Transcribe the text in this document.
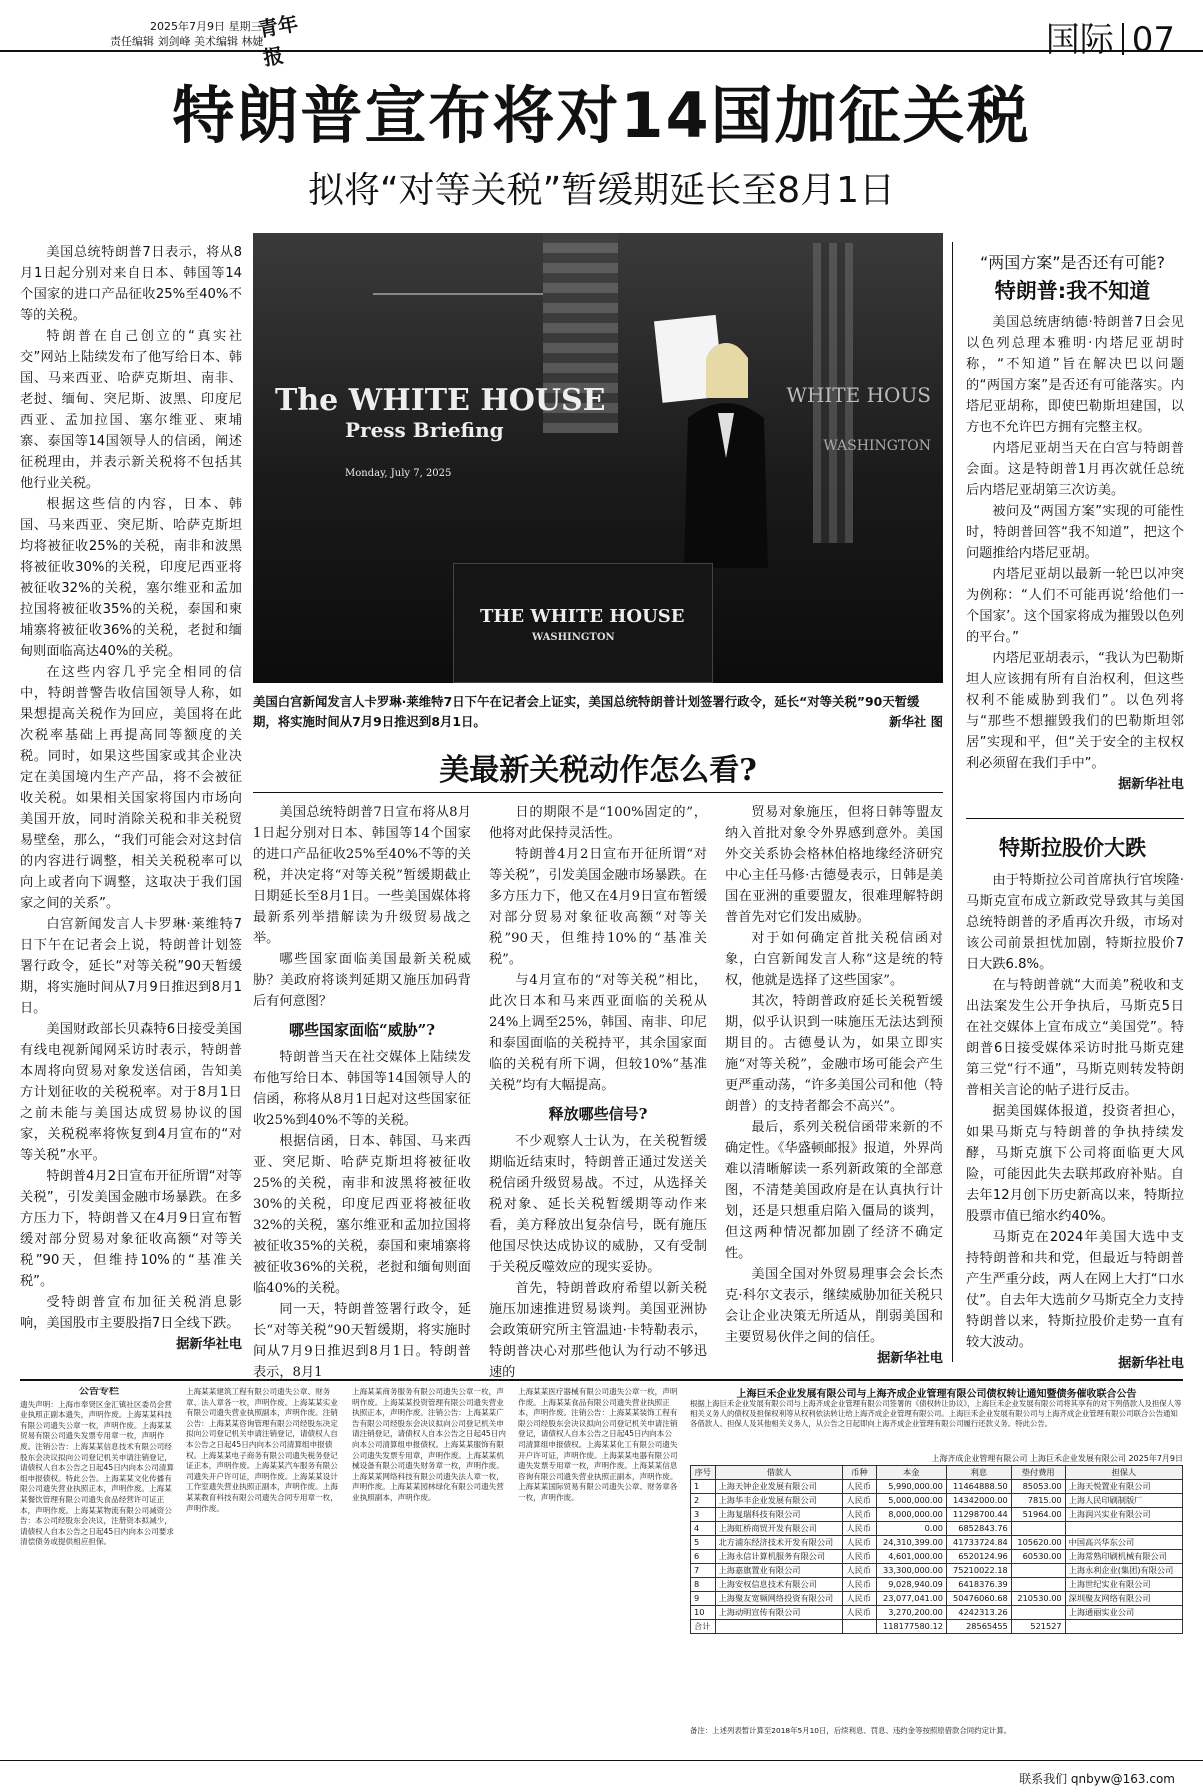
2025年7月9日 星期三
责任编辑 刘剑峰 美术编辑 林婕
青年报	国际 07
特朗普宣布将对14国加征关税
拟将“对等关税”暂缓期延长至8月1日

美国总统特朗普7日表示，将从8月1日起分别对来自日本、韩国等14个国家的进口产品征收25%至40%不等的关税。

特朗普在自己创立的“真实社交”网站上陆续发布了他写给日本、韩国、马来西亚、哈萨克斯坦、南非、老挝、缅甸、突尼斯、波黑、印度尼西亚、孟加拉国、塞尔维亚、柬埔寨、泰国等14国领导人的信函，阐述征税理由，并表示新关税将不包括其他行业关税。

根据这些信的内容，日本、韩国、马来西亚、突尼斯、哈萨克斯坦均将被征收25%的关税，南非和波黑将被征收30%的关税，印度尼西亚将被征收32%的关税，塞尔维亚和孟加拉国将被征收35%的关税，泰国和柬埔寨将被征收36%的关税，老挝和缅甸则面临高达40%的关税。

在这些内容几乎完全相同的信中，特朗普警告收信国领导人称，如果想提高关税作为回应，美国将在此次税率基础上再提高同等额度的关税。同时，如果这些国家或其企业决定在美国境内生产产品，将不会被征收关税。如果相关国家将国内市场向美国开放，同时消除关税和非关税贸易壁垒，那么，“我们可能会对这封信的内容进行调整，相关关税税率可以向上或者向下调整，这取决于我们国家之间的关系”。

白宫新闻发言人卡罗琳·莱维特7日下午在记者会上说，特朗普计划签署行政令，延长“对等关税”90天暂缓期，将实施时间从7月9日推迟到8月1日。

美国财政部长贝森特6日接受美国有线电视新闻网采访时表示，特朗普本周将向贸易对象发送信函，告知美方计划征收的关税税率。对于8月1日之前未能与美国达成贸易协议的国家，关税税率将恢复到4月宣布的“对等关税”水平。

特朗普4月2日宣布开征所谓“对等关税”，引发美国金融市场暴跌。在多方压力下，特朗普又在4月9日宣布暂缓对部分贸易对象征收高额“对等关税”90天，但维持10%的“基准关税”。

受特朗普宣布加征关税消息影响，美国股市主要股指7日全线下跌。

据新华社电

The WHITE HOUSE
Press Briefing
Monday, July 7, 2025
WHITE HOUS
WASHINGTON
THE WHITE HOUSE
WASHINGTON
美国白宫新闻发言人卡罗琳·莱维特7日下午在记者会上证实，美国总统特朗普计划签署行政令，延长“对等关税”90天暂缓期，将实施时间从7月9日推迟到8月1日。	新华社 图
美最新关税动作怎么看?

美国总统特朗普7日宣布将从8月1日起分别对日本、韩国等14个国家的进口产品征收25%至40%不等的关税，并决定将“对等关税”暂缓期截止日期延长至8月1日。一些美国媒体将最新系列举措解读为升级贸易战之举。

哪些国家面临美国最新关税威胁？美政府将谈判延期又施压加码背后有何意图？

哪些国家面临“威胁”?

特朗普当天在社交媒体上陆续发布他写给日本、韩国等14国领导人的信函，称将从8月1日起对这些国家征收25%到40%不等的关税。

根据信函，日本、韩国、马来西亚、突尼斯、哈萨克斯坦将被征收25%的关税，南非和波黑将被征收30%的关税，印度尼西亚将被征收32%的关税，塞尔维亚和孟加拉国将被征收35%的关税，泰国和柬埔寨将被征收36%的关税，老挝和缅甸则面临40%的关税。

同一天，特朗普签署行政令，延长“对等关税”90天暂缓期，将实施时间从7月9日推迟到8月1日。特朗普表示，8月1

日的期限不是“100%固定的”，他将对此保持灵活性。

特朗普4月2日宣布开征所谓“对等关税”，引发美国金融市场暴跌。在多方压力下，他又在4月9日宣布暂缓对部分贸易对象征收高额“对等关税”90天，但维持10%的“基准关税”。

与4月宣布的“对等关税”相比，此次日本和马来西亚面临的关税从24%上调至25%，韩国、南非、印尼和泰国面临的关税持平，其余国家面临的关税有所下调，但较10%“基准关税”均有大幅提高。

释放哪些信号?

不少观察人士认为，在关税暂缓期临近结束时，特朗普正通过发送关税信函升级贸易战。不过，从选择关税对象、延长关税暂缓期等动作来看，美方释放出复杂信号，既有施压他国尽快达成协议的威胁，又有受制于关税反噬效应的现实妥协。

首先，特朗普政府希望以新关税施压加速推进贸易谈判。美国亚洲协会政策研究所主管温迪·卡特勒表示，特朗普决心对那些他认为行动不够迅速的

贸易对象施压，但将日韩等盟友纳入首批对象令外界感到意外。美国外交关系协会格林伯格地缘经济研究中心主任马修·古德曼表示，日韩是美国在亚洲的重要盟友，很难理解特朗普首先对它们发出威胁。

对于如何确定首批关税信函对象，白宫新闻发言人称“这是统的特权，他就是选择了这些国家”。

其次，特朗普政府延长关税暂缓期，似乎认识到一味施压无法达到预期目的。古德曼认为，如果立即实施“对等关税”，金融市场可能会产生更严重动荡，“许多美国公司和他（特朗普）的支持者都会不高兴”。

最后，系列关税信函带来新的不确定性。《华盛顿邮报》报道，外界尚难以清晰解读一系列新政策的全部意图，不清楚美国政府是在认真执行计划，还是只想重启陷入僵局的谈判，但这两种情况都加剧了经济不确定性。

美国全国对外贸易理事会会长杰克·科尔文表示，继续威胁加征关税只会让企业决策无所适从，削弱美国和主要贸易伙伴之间的信任。

据新华社电

“两国方案”是否还有可能?
特朗普:我不知道

美国总统唐纳德·特朗普7日会见以色列总理本雅明·内塔尼亚胡时称，“不知道”旨在解决巴以问题的“两国方案”是否还有可能落实。内塔尼亚胡称，即使巴勒斯坦建国，以方也不允许巴方拥有完整主权。

内塔尼亚胡当天在白宫与特朗普会面。这是特朗普1月再次就任总统后内塔尼亚胡第三次访美。

被问及“两国方案”实现的可能性时，特朗普回答“我不知道”，把这个问题推给内塔尼亚胡。

内塔尼亚胡以最新一轮巴以冲突为例称：“人们不可能再说‘给他们一个国家’。这个国家将成为摧毁以色列的平台。”

内塔尼亚胡表示，“我认为巴勒斯坦人应该拥有所有自治权利，但这些权利不能威胁到我们”。以色列将与“那些不想摧毁我们的巴勒斯坦邻居”实现和平，但“关于安全的主权权利必须留在我们手中”。

据新华社电

特斯拉股价大跌

由于特斯拉公司首席执行官埃隆·马斯克宣布成立新政党导致其与美国总统特朗普的矛盾再次升级，市场对该公司前景担忧加剧，特斯拉股价7日大跌6.8%。

在与特朗普就“大而美”税收和支出法案发生公开争执后，马斯克5日在社交媒体上宣布成立“美国党”。特朗普6日接受媒体采访时批马斯克建第三党“行不通”，马斯克则转发特朗普相关言论的帖子进行反击。

据美国媒体报道，投资者担心，如果马斯克与特朗普的争执持续发酵，马斯克旗下公司将面临更大风险，可能因此失去联邦政府补贴。自去年12月创下历史新高以来，特斯拉股票市值已缩水约40%。

马斯克在2024年美国大选中支持特朗普和共和党，但最近与特朗普产生严重分歧，两人在网上大打“口水仗”。自去年大选前夕马斯克全力支持特朗普以来，特斯拉股价走势一直有较大波动。

据新华社电

公告专栏
遗失声明：上海市奉贤区金汇镇社区委员会营业执照正副本遗失，声明作废。上海某某科技有限公司遗失公章一枚，声明作废。上海某某贸易有限公司遗失发票专用章一枚，声明作废。注销公告：上海某某信息技术有限公司经股东会决议拟向公司登记机关申请注销登记，请债权人自本公告之日起45日内向本公司清算组申报债权。特此公告。上海某某文化传播有限公司遗失营业执照正本，声明作废。上海某某餐饮管理有限公司遗失食品经营许可证正本，声明作废。上海某某物流有限公司减资公告：本公司经股东会决议，注册资本拟减少，请债权人自本公告之日起45日内向本公司要求清偿债务或提供相应担保。
上海某某建筑工程有限公司遗失公章、财务章、法人章各一枚，声明作废。上海某某实业有限公司遗失营业执照副本，声明作废。注销公告：上海某某咨询管理有限公司经股东决定拟向公司登记机关申请注销登记，请债权人自本公告之日起45日内向本公司清算组申报债权。上海某某电子商务有限公司遗失税务登记证正本，声明作废。上海某某汽车服务有限公司遗失开户许可证，声明作废。上海某某设计工作室遗失营业执照正副本，声明作废。上海某某教育科技有限公司遗失合同专用章一枚，声明作废。
上海某某商务服务有限公司遗失公章一枚，声明作废。上海某某投资管理有限公司遗失营业执照正本，声明作废。注销公告：上海某某广告有限公司经股东会决议拟向公司登记机关申请注销登记，请债权人自本公告之日起45日内向本公司清算组申报债权。上海某某服饰有限公司遗失发票专用章，声明作废。上海某某机械设备有限公司遗失财务章一枚，声明作废。上海某某网络科技有限公司遗失法人章一枚，声明作废。上海某某园林绿化有限公司遗失营业执照副本，声明作废。
上海某某医疗器械有限公司遗失公章一枚，声明作废。上海某某食品有限公司遗失营业执照正本，声明作废。注销公告：上海某某装饰工程有限公司经股东会决议拟向公司登记机关申请注销登记，请债权人自本公告之日起45日内向本公司清算组申报债权。上海某某化工有限公司遗失开户许可证，声明作废。上海某某电器有限公司遗失发票专用章一枚，声明作废。上海某某信息咨询有限公司遗失营业执照正副本，声明作废。上海某某国际贸易有限公司遗失公章、财务章各一枚，声明作废。
上海巨禾企业发展有限公司与上海齐成企业管理有限公司债权转让通知暨债务催收联合公告
根据上海巨禾企业发展有限公司与上海齐成企业管理有限公司签署的《债权转让协议》，上海巨禾企业发展有限公司将其享有的对下列借款人及担保人等相关义务人的债权及担保权利等从权利依法转让给上海齐成企业管理有限公司。上海巨禾企业发展有限公司与上海齐成企业管理有限公司联合公告通知各借款人、担保人及其他相关义务人，从公告之日起即向上海齐成企业管理有限公司履行还款义务。特此公告。
上海齐成企业管理有限公司 上海巨禾企业发展有限公司 2025年7月9日
序号	借款人	币种	本金	利息	垫付费用	担保人
1	上海天钟企业发展有限公司	人民币	5,990,000.00	11464888.50	85053.00	上海天悦置业有限公司
2	上海华丰企业发展有限公司	人民币	5,000,000.00	14342000.00	7815.00	上海人民印刷制版厂
3	上海复瑞科技有限公司	人民币	8,000,000.00	11298700.44	51964.00	上海润兴实业有限公司
4	上海虹桥商贸开发有限公司	人民币	0.00	6852843.76		
5	北方浦东经济技术开发有限公司	人民币	24,310,399.00	41733724.84	105620.00	中国高兴华东公司
6	上海永信计算机服务有限公司	人民币	4,601,000.00	6520124.96	60530.00	上海常熟印刷机械有限公司
7	上海嘉旗置业有限公司	人民币	33,300,000.00	75210022.18		上海永利企业(集团)有限公司
8	上海安权信息技术有限公司	人民币	9,028,940.09	6418376.39		上海世纪实业有限公司
9	上海聚友宽频网络投资有限公司	人民币	23,077,041.00	50476060.68	210530.00	深圳聚友网络有限公司
10	上海动明宣传有限公司	人民币	3,270,200.00	4242313.26		上海通丽实业公司
合计			118177580.12	28565455	521527	
备注：上述列表暂计算至2018年5月10日，后续利息、罚息、违约金等按照原借款合同约定计算。
联系我们 qnbyw@163.com
